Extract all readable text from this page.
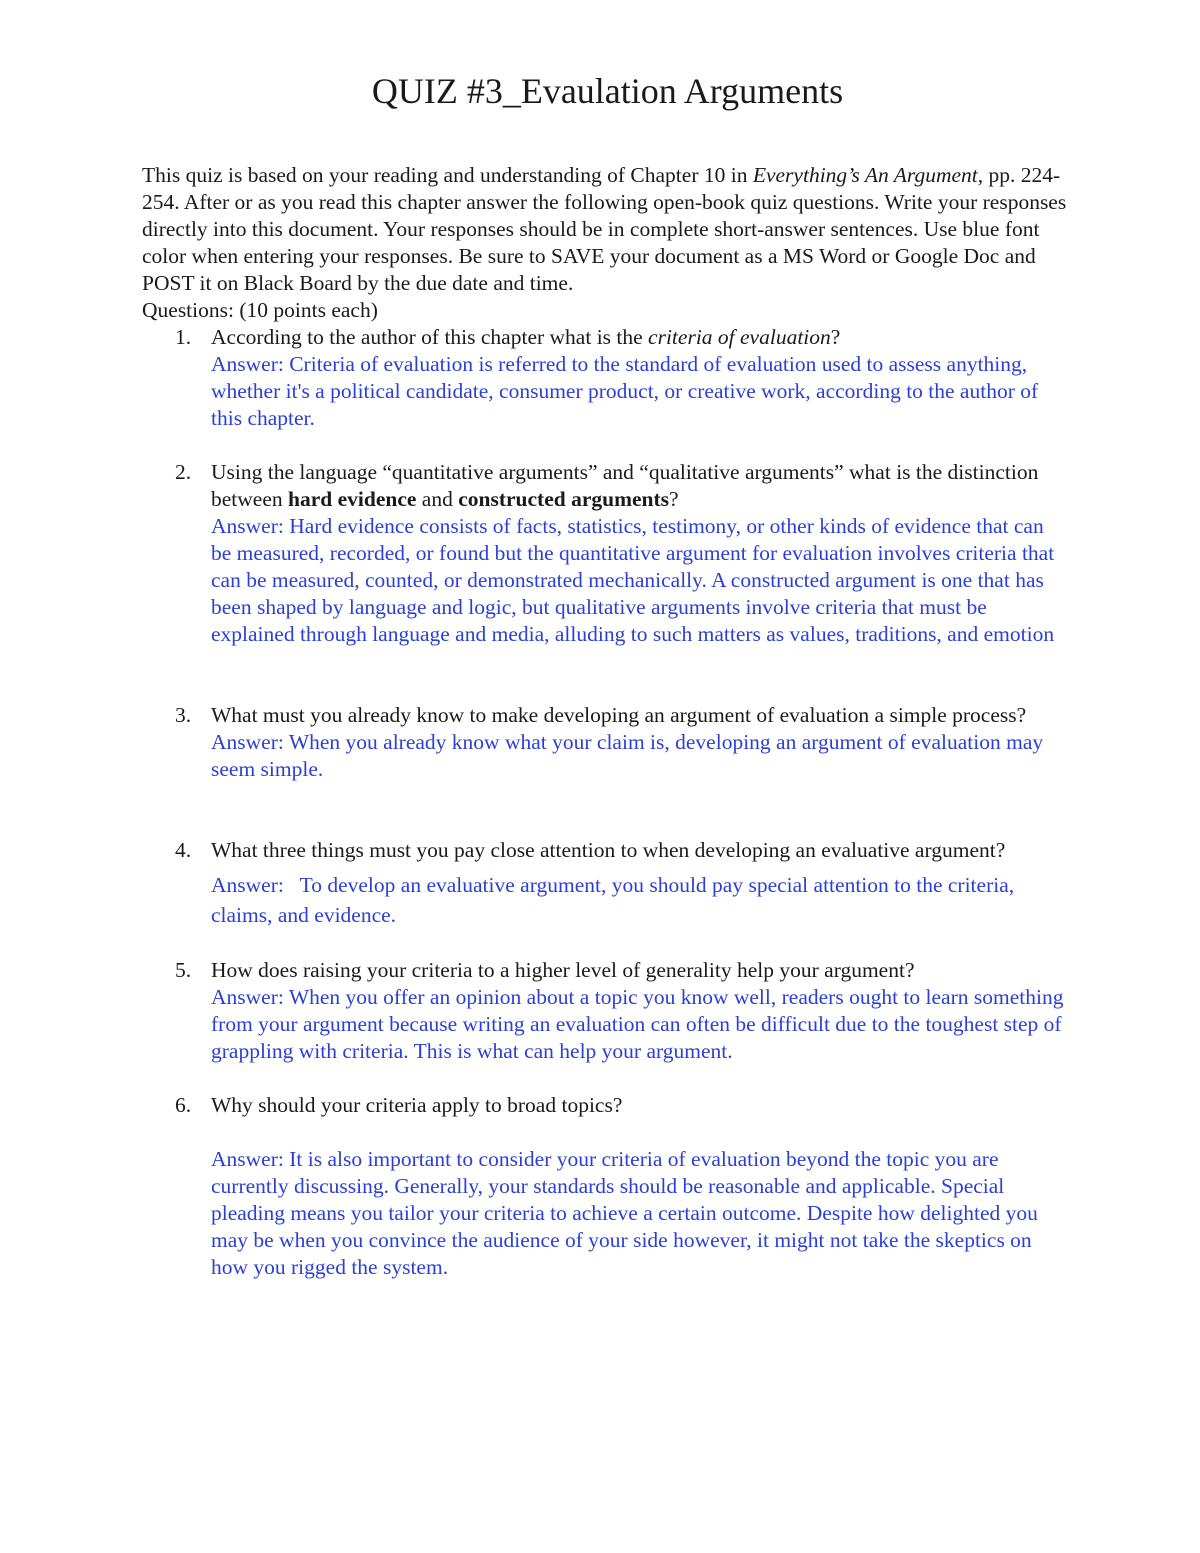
QUIZ #3_Evaulation Arguments

This quiz is based on your reading and understanding of Chapter 10 in Everything’s An Argument, pp. 224-254. After or as you read this chapter answer the following open-book quiz questions. Write your responses directly into this document. Your responses should be in complete short-answer sentences. Use blue font color when entering your responses. Be sure to SAVE your document as a MS Word or Google Doc and POST it on Black Board by the due date and time.

Questions: (10 points each)

1. According to the author of this chapter what is the criteria of evaluation?
Answer: Criteria of evaluation is referred to the standard of evaluation used to assess anything, whether it's a political candidate, consumer product, or creative work, according to the author of this chapter.
2. Using the language “quantitative arguments” and “qualitative arguments” what is the distinction between hard evidence and constructed arguments?
Answer: Hard evidence consists of facts, statistics, testimony, or other kinds of evidence that can be measured, recorded, or found but the quantitative argument for evaluation involves criteria that can be measured, counted, or demonstrated mechanically. A constructed argument is one that has been shaped by language and logic, but qualitative arguments involve criteria that must be explained through language and media, alluding to such matters as values, traditions, and emotion
3. What must you already know to make developing an argument of evaluation a simple process?
Answer: When you already know what your claim is, developing an argument of evaluation may seem simple.
4. What three things must you pay close attention to when developing an evaluative argument?
Answer:   To develop an evaluative argument, you should pay special attention to the criteria, claims, and evidence.
5. How does raising your criteria to a higher level of generality help your argument?
Answer: When you offer an opinion about a topic you know well, readers ought to learn something from your argument because writing an evaluation can often be difficult due to the toughest step of grappling with criteria. This is what can help your argument.
6. Why should your criteria apply to broad topics?
Answer: It is also important to consider your criteria of evaluation beyond the topic you are currently discussing. Generally, your standards should be reasonable and applicable. Special pleading means you tailor your criteria to achieve a certain outcome. Despite how delighted you may be when you convince the audience of your side however, it might not take the skeptics on how you rigged the system.
